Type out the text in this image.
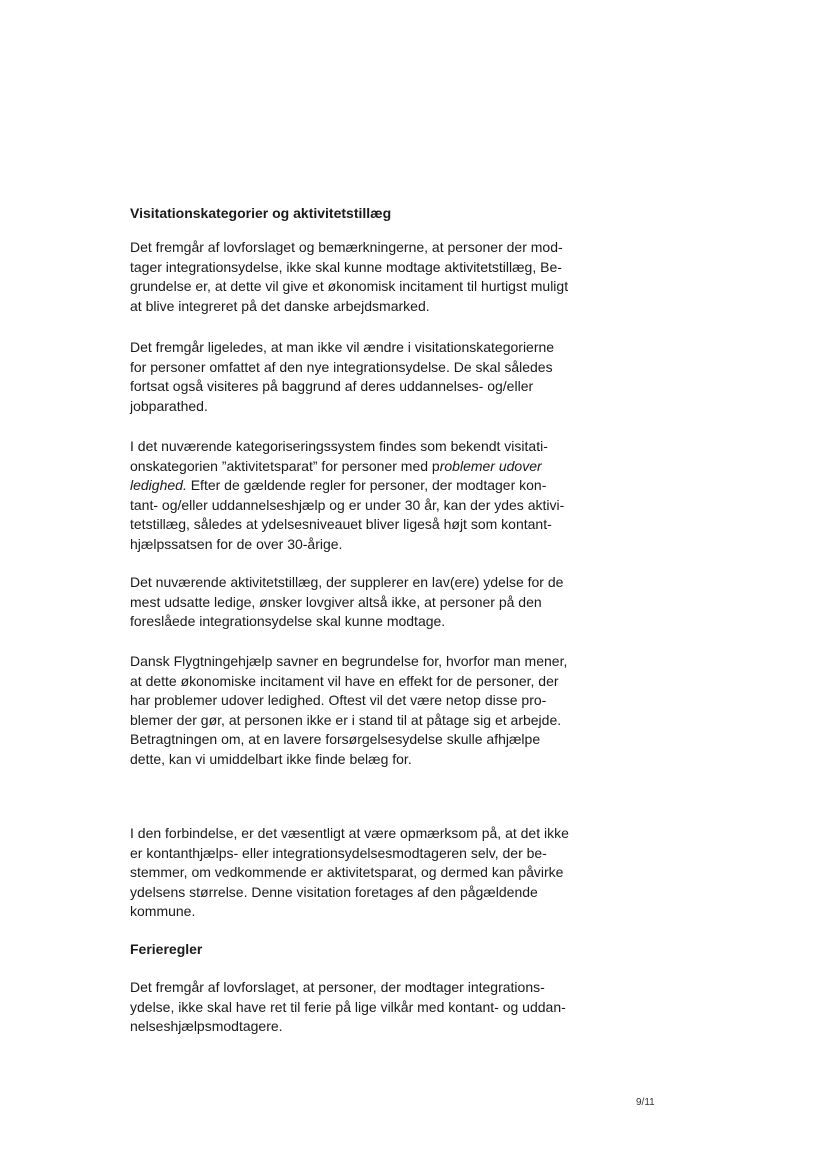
Visitationskategorier og aktivitetstillæg

Det fremgår af lovforslaget og bemærkningerne, at personer der mod-
tager integrationsydelse, ikke skal kunne modtage aktivitetstillæg, Be-
grundelse er, at dette vil give et økonomisk incitament til hurtigst muligt
at blive integreret på det danske arbejdsmarked.

Det fremgår ligeledes, at man ikke vil ændre i visitationskategorierne
for personer omfattet af den nye integrationsydelse. De skal således
fortsat også visiteres på baggrund af deres uddannelses- og/eller
jobparathed.

I det nuværende kategoriseringssystem findes som bekendt visitati-
onskategorien ”aktivitetsparat” for personer med problemer udover
ledighed. Efter de gældende regler for personer, der modtager kon-
tant- og/eller uddannelseshjælp og er under 30 år, kan der ydes aktivi-
tetstillæg, således at ydelsesniveauet bliver ligeså højt som kontant-
hjælpssatsen for de over 30-årige.

Det nuværende aktivitetstillæg, der supplerer en lav(ere) ydelse for de
mest udsatte ledige, ønsker lovgiver altså ikke, at personer på den
foreslåede integrationsydelse skal kunne modtage.

Dansk Flygtningehjælp savner en begrundelse for, hvorfor man mener,
at dette økonomiske incitament vil have en effekt for de personer, der
har problemer udover ledighed. Oftest vil det være netop disse pro-
blemer der gør, at personen ikke er i stand til at påtage sig et arbejde.
Betragtningen om, at en lavere forsørgelsesydelse skulle afhjælpe
dette, kan vi umiddelbart ikke finde belæg for.

I den forbindelse, er det væsentligt at være opmærksom på, at det ikke
er kontanthjælps- eller integrationsydelsesmodtageren selv, der be-
stemmer, om vedkommende er aktivitetsparat, og dermed kan påvirke
ydelsens størrelse. Denne visitation foretages af den pågældende
kommune.

Ferieregler

Det fremgår af lovforslaget, at personer, der modtager integrations-
ydelse, ikke skal have ret til ferie på lige vilkår med kontant- og uddan-
nelseshjælpsmodtagere.

9/11
